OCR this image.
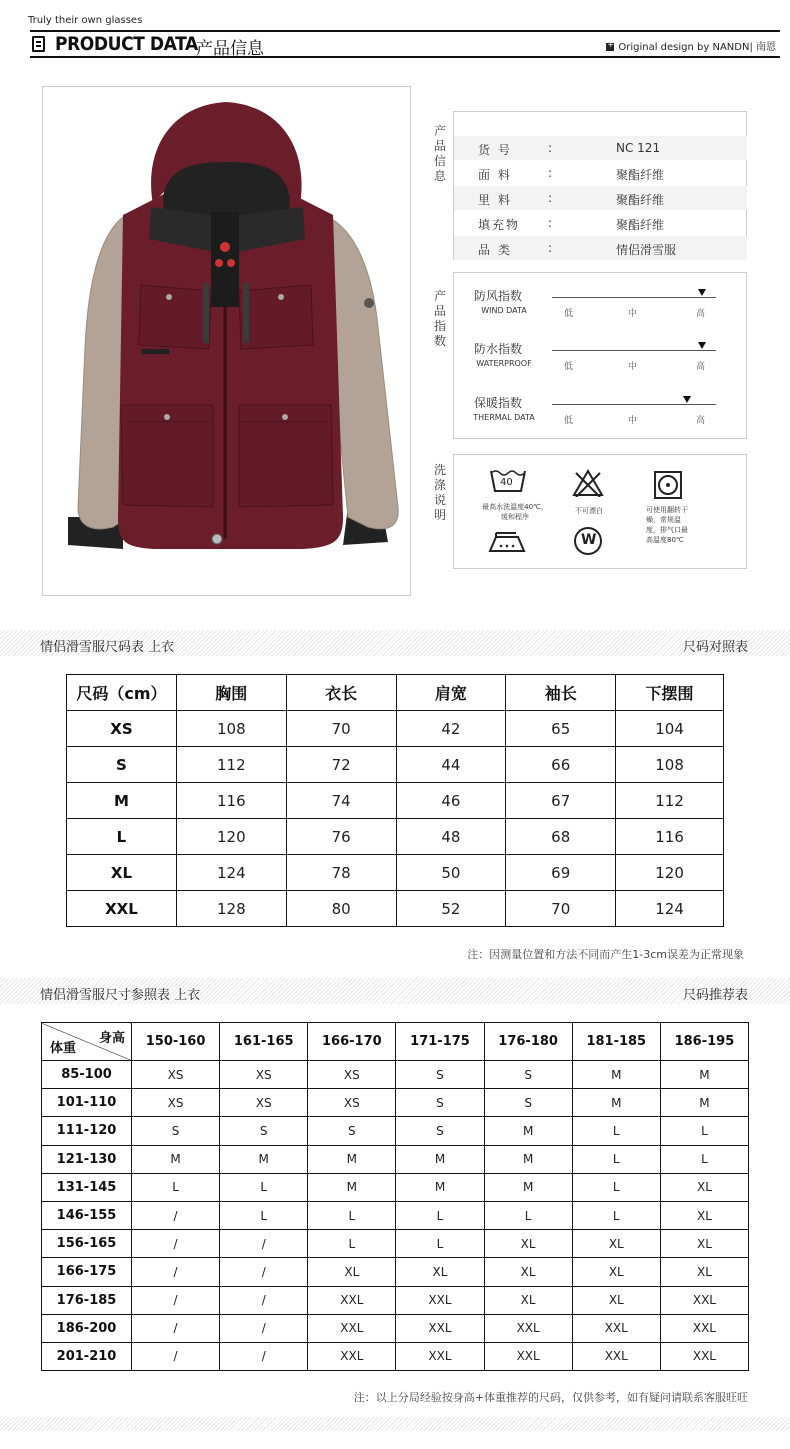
Truly their own glasses
PRODUCT DATA
产品信息 +	Original design by NANDN| 南恩
产品信息
货号 :	NC 121
面料 :	聚酯纤维
里料 :	聚酯纤维
填充物 :	聚酯纤维
品类 :	情侣滑雪服
产品指数
防风指数
WIND DATA	低	中	高
防水指数
WATERPROOF	低	中	高
保暖指数
THERMAL DATA	低	中	高
洗涤说明
40
最高水洗温度40℃，缓和程序
不可漂白	可使用翻转干燥，常规温度，排气口最高温度80℃
W
情侣滑雪服尺码表 上衣	尺码对照表
尺码（cm）	胸围	衣长	肩宽	袖长	下摆围
XS	108	70	42	65	104
S	112	72	44	66	108
M	116	74	46	67	112
L	120	76	48	68	116
XL	124	78	50	69	120
XXL	128	80	52	70	124
注：因测量位置和方法不同而产生1-3cm误差为正常现象
情侣滑雪服尺寸参照表 上衣	尺码推荐表
身高
体重	150-160	161-165	166-170	171-175	176-180	181-185	186-195
85-100	XS	XS	XS	S	S	M	M
101-110	XS	XS	XS	S	S	M	M
111-120	S	S	S	S	M	L	L
121-130	M	M	M	M	M	L	L
131-145	L	L	M	M	M	L	XL
146-155	/	L	L	L	L	L	XL
156-165	/	/	L	L	XL	XL	XL
166-175	/	/	XL	XL	XL	XL	XL
176-185	/	/	XXL	XXL	XL	XL	XXL
186-200	/	/	XXL	XXL	XXL	XXL	XXL
201-210	/	/	XXL	XXL	XXL	XXL	XXL
注：以上分局经验按身高+体重推荐的尺码，仅供参考，如有疑问请联系客服旺旺
